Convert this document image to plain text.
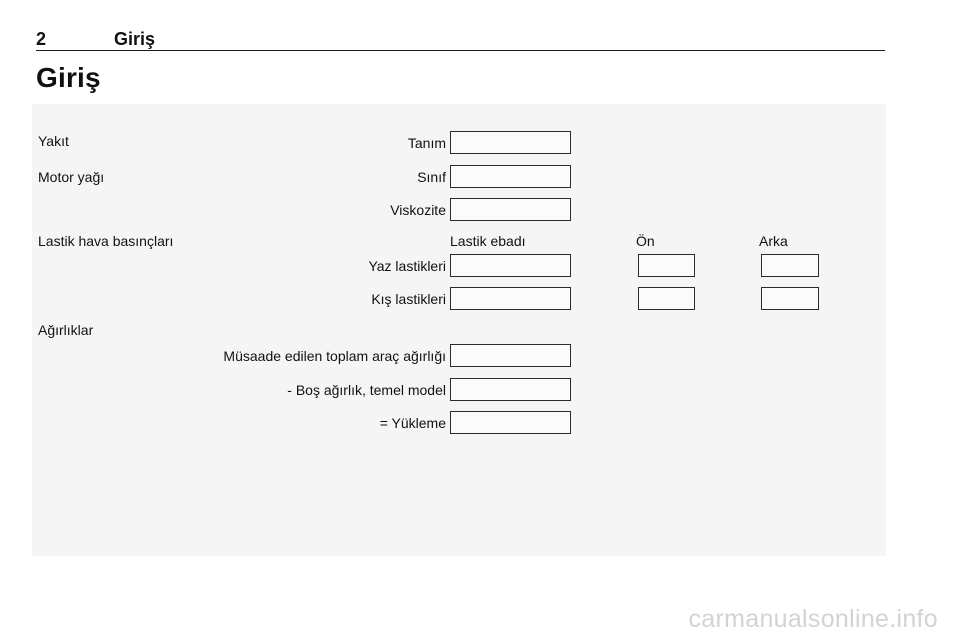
2	Giriş
Giriş
Yakıt	Tanım
Motor yağı	Sınıf
Viskozite
Lastik hava basınçları	Lastik ebadı	Ön	Arka
Yaz lastikleri
Kış lastikleri
Ağırlıklar
Müsaade edilen toplam araç ağırlığı
- Boş ağırlık, temel model
= Yükleme
carmanualsonline.info
